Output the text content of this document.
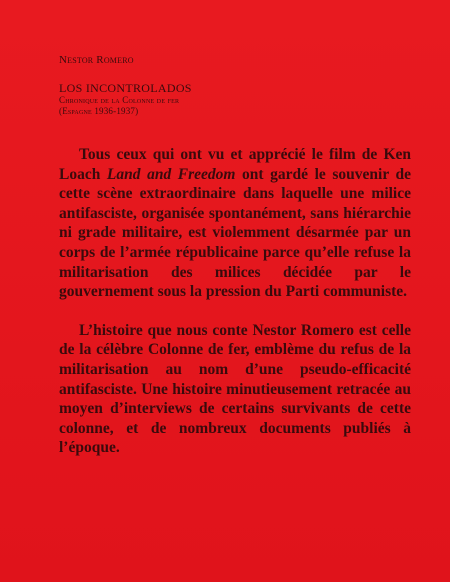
Nestor Romero
LOS INCONTROLADOS
Chronique de la Colonne de fer
(Espagne 1936-1937)

Tous ceux qui ont vu et apprécié le film de Ken Loach Land and Freedom ont gardé le souvenir de cette scène extraordinaire dans laquelle une milice antifasciste, organisée spontanément, sans hiérarchie ni grade militaire, est violemment désarmée par un corps de l’armée républicaine parce qu’elle refuse la militarisation des milices décidée par le gouvernement sous la pression du Parti communiste.

L’histoire que nous conte Nestor Romero est celle de la célèbre Colonne de fer, emblème du refus de la militarisation au nom d’une pseudo-efficacité antifasciste. Une histoire minutieusement retracée au moyen d’interviews de certains survivants de cette colonne, et de nombreux documents publiés à l’époque.
